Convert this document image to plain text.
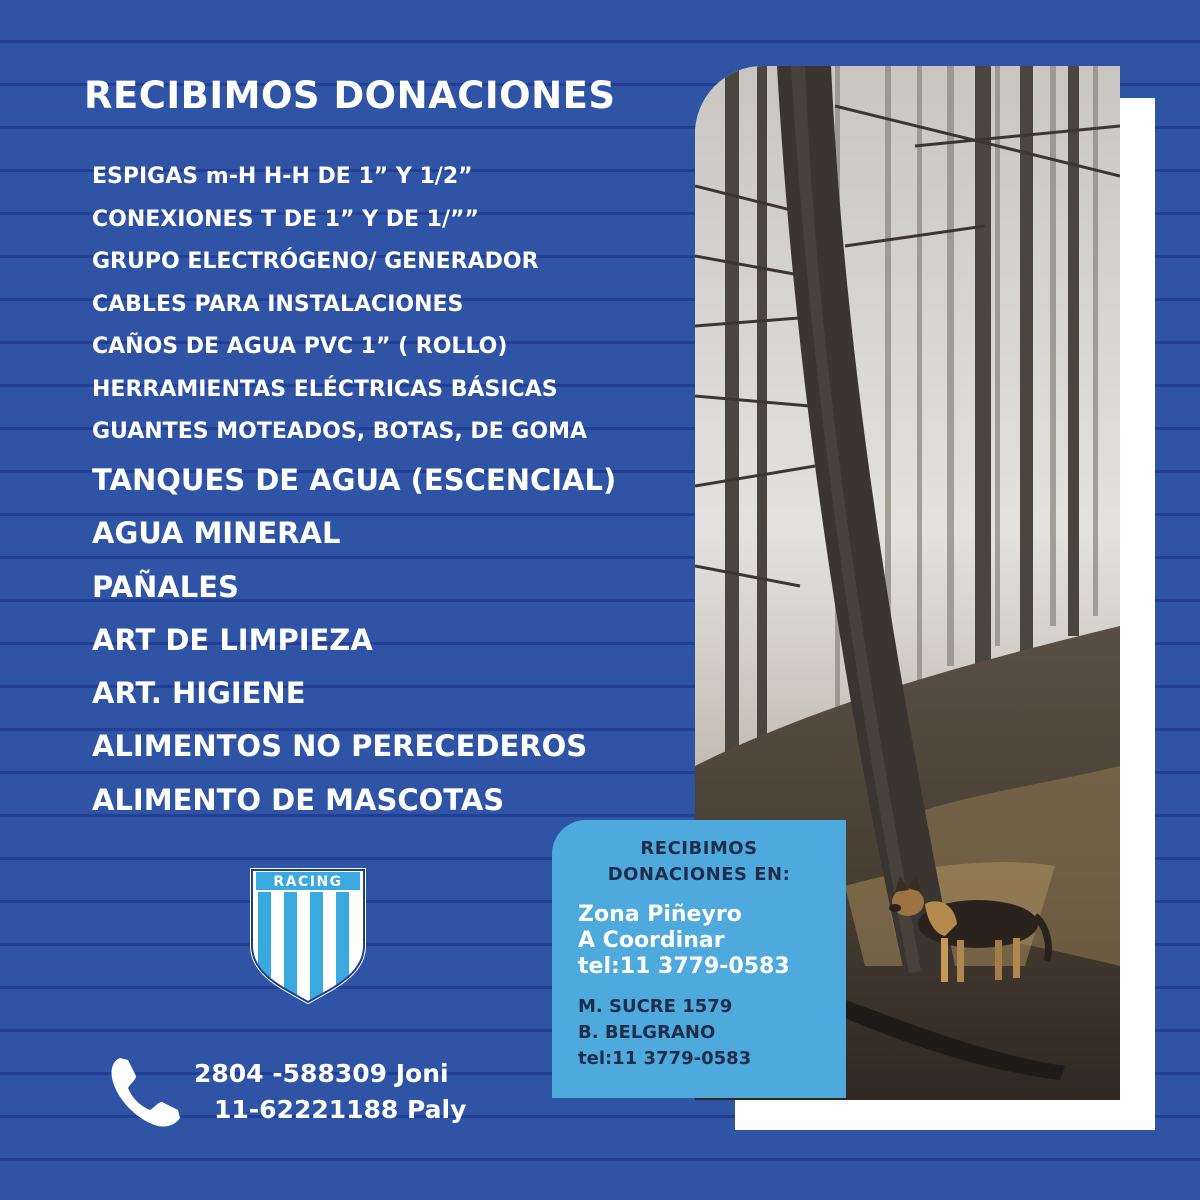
RECIBIMOS DONACIONES
ESPIGAS m-H H-H DE 1” Y 1/2”
CONEXIONES T DE 1” Y DE 1/””
GRUPO ELECTRÓGENO/ GENERADOR
CABLES PARA INSTALACIONES
CAÑOS DE AGUA PVC 1” ( ROLLO)
HERRAMIENTAS ELÉCTRICAS BÁSICAS
GUANTES MOTEADOS, BOTAS, DE GOMA
TANQUES DE AGUA (ESCENCIAL)
AGUA MINERAL
PAÑALES
ART DE LIMPIEZA
ART. HIGIENE
ALIMENTOS NO PERECEDEROS
ALIMENTO DE MASCOTAS
RECIBIMOS
DONACIONES EN:
Zona Piñeyro
A Coordinar
tel:11 3779-0583
M. SUCRE 1579
B. BELGRANO
tel:11 3779-0583
RACING
2804 -588309 Joni
11-62221188 Paly
